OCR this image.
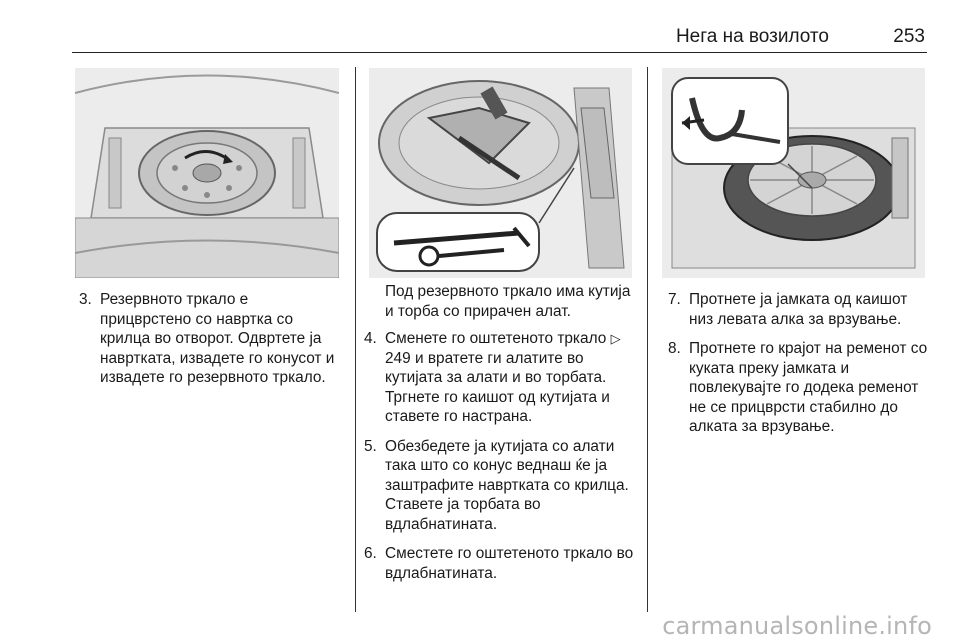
Нега на возилото	253
3. Резервното тркало е прицврстено со навртка со крилца во отворот. Одвртете ја навртката, извадете го конусот и извадете го резервното тркало.

Под резервното тркало има кутија и торба со прирачен алат.

4. Сменете го оштетеното тркало ▷ 249 и вратете ги алатите во кутијата за алати и во торбата. Тргнете го каишот од кутијата и ставете го настрана.
5. Обезбедете ја кутијата со алати така што со конус веднаш ќе ја заштрафите навртката со крилца. Ставете ја торбата во вдлабнатината.
6. Сместете го оштетеното тркало во вдлабнатината.
7. Протнете ја јамката од каишот низ левата алка за врзување.
8. Протнете го крајот на ременот со куката преку јамката и повлекувајте го додека ременот не се прицврсти стабилно до алката за врзување.
carmanualsonline.info
